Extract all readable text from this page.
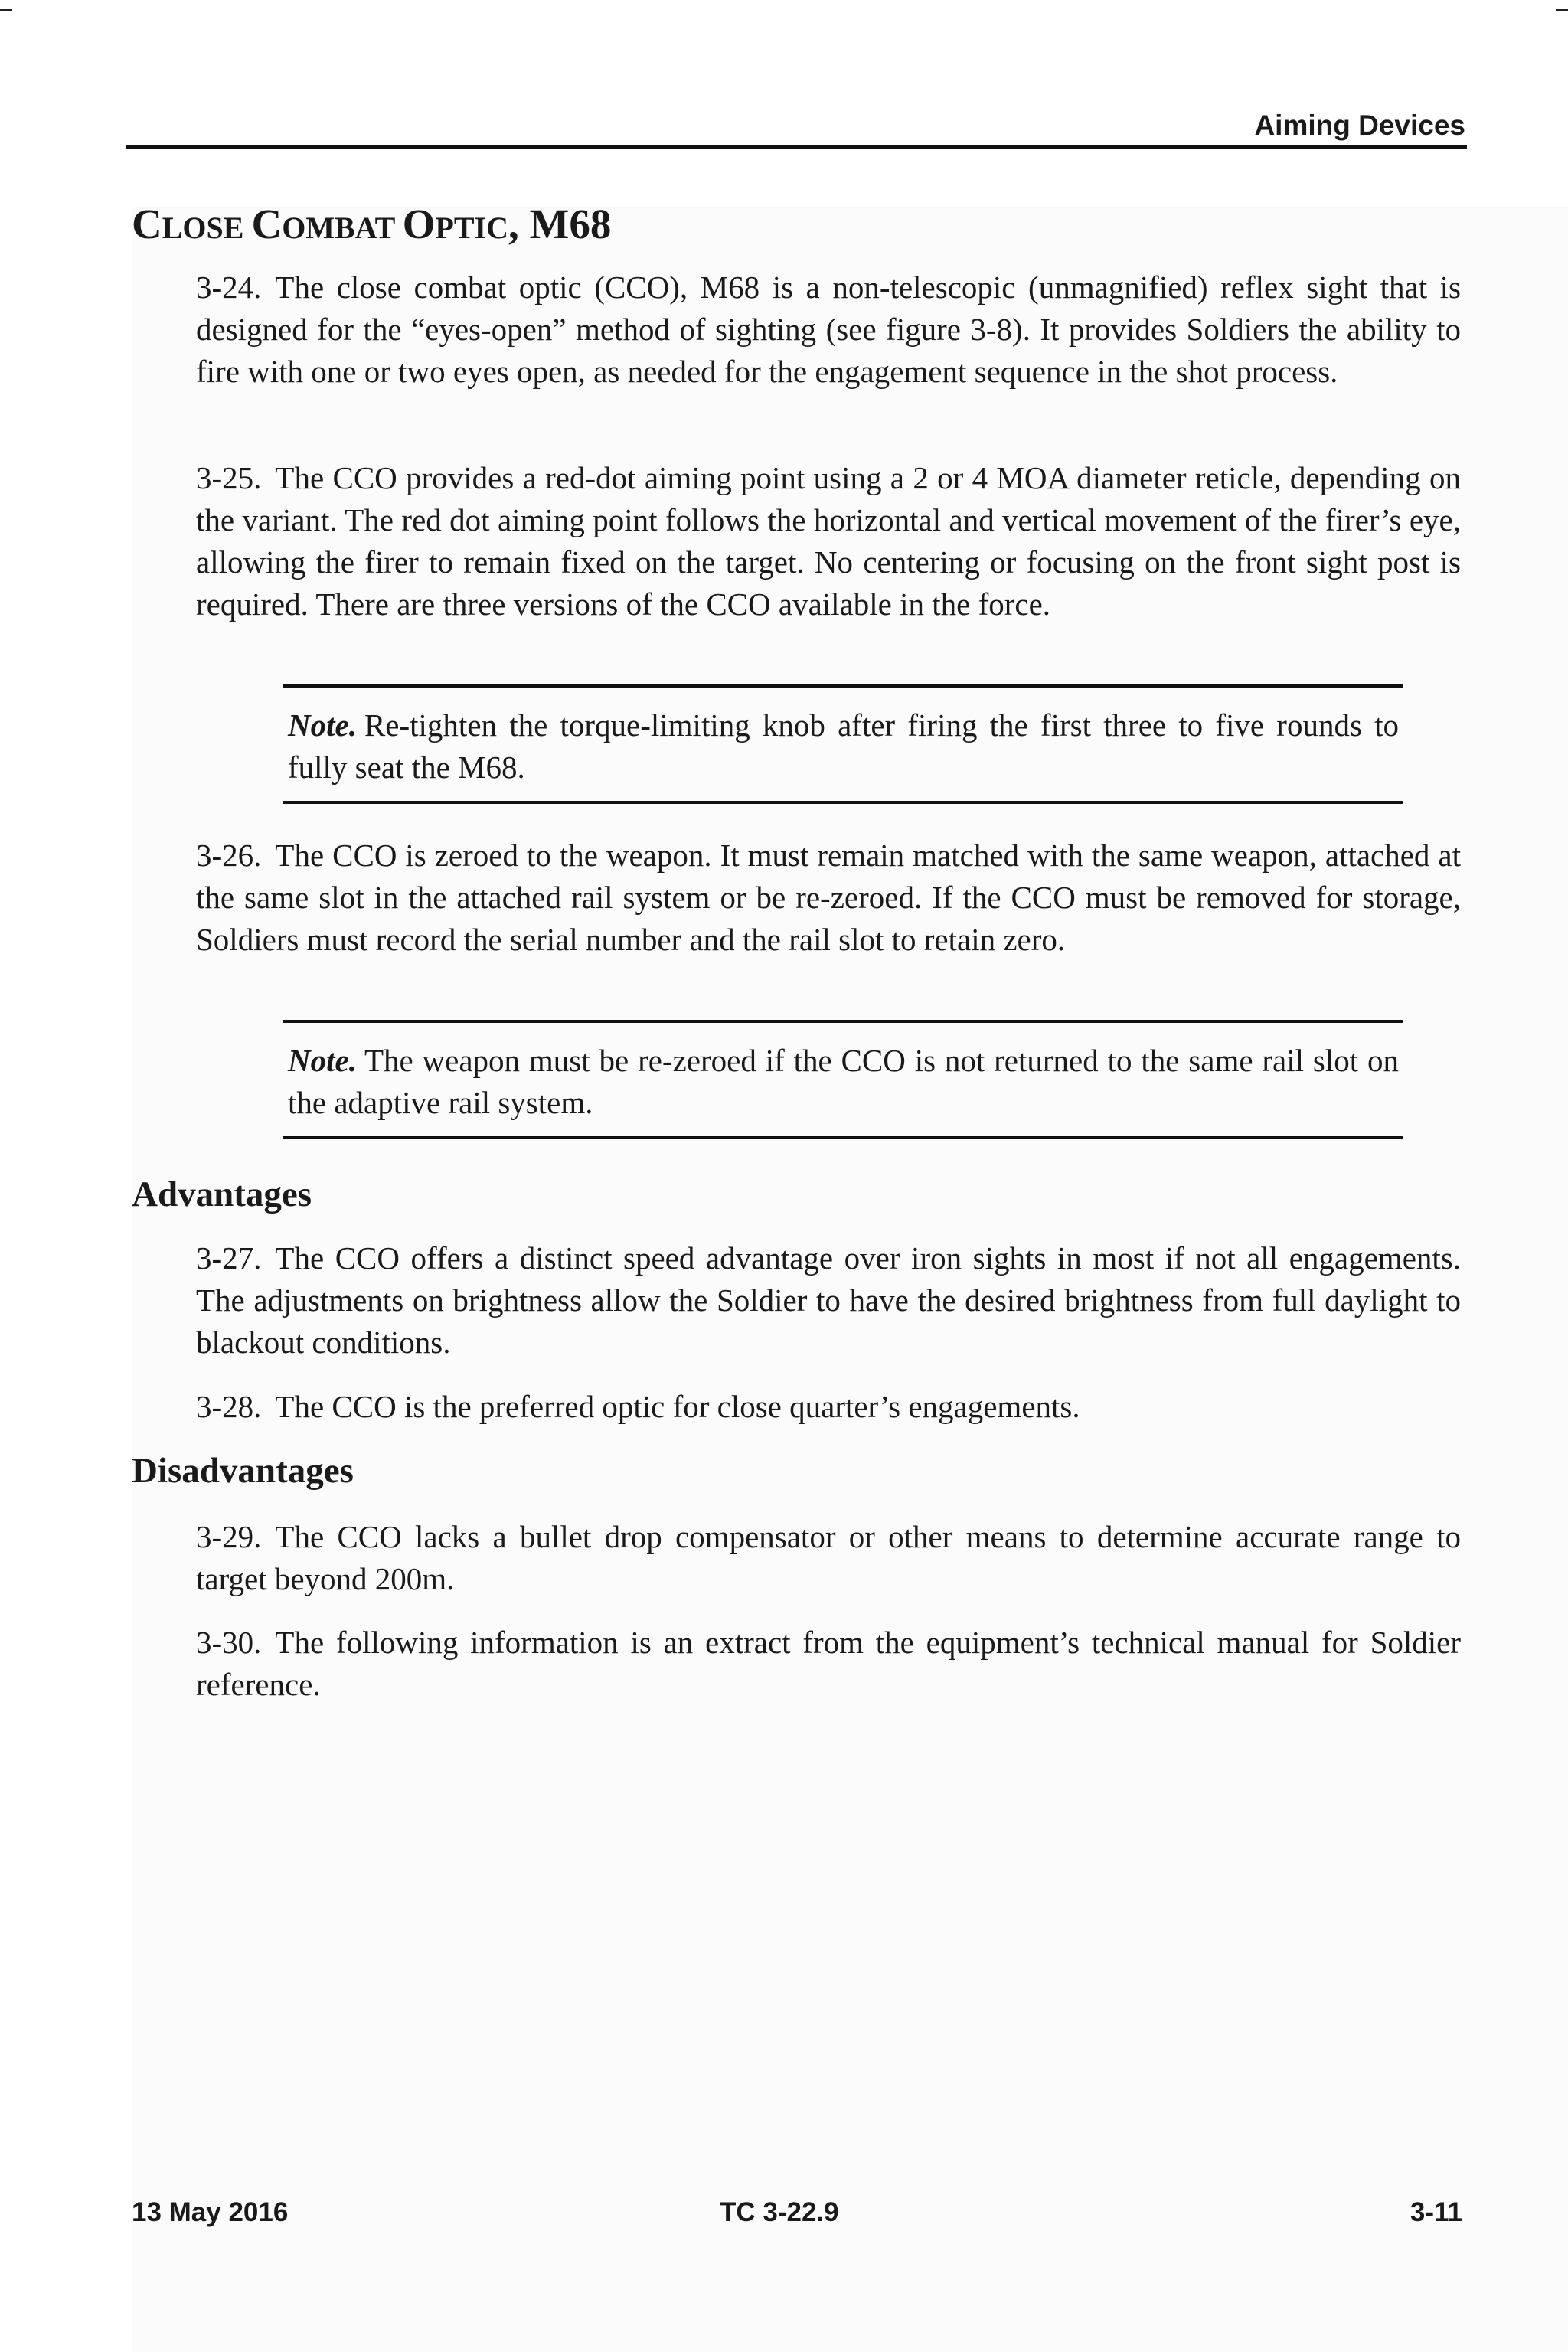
Aiming Devices
CLOSE COMBAT OPTIC, M68

3-24. The close combat optic (CCO), M68 is a non-telescopic (unmagnified) reflex sight that is designed for the “eyes-open” method of sighting (see figure 3-8). It provides Soldiers the ability to fire with one or two eyes open, as needed for the engagement sequence in the shot process.

3-25. The CCO provides a red-dot aiming point using a 2 or 4 MOA diameter reticle, depending on the variant. The red dot aiming point follows the horizontal and vertical movement of the firer’s eye, allowing the firer to remain fixed on the target. No centering or focusing on the front sight post is required. There are three versions of the CCO available in the force.

Note. Re-tighten the torque-limiting knob after firing the first three to five rounds to fully seat the M68.

3-26. The CCO is zeroed to the weapon. It must remain matched with the same weapon, attached at the same slot in the attached rail system or be re-zeroed. If the CCO must be removed for storage, Soldiers must record the serial number and the rail slot to retain zero.

Note. The weapon must be re-zeroed if the CCO is not returned to the same rail slot on the adaptive rail system.

Advantages

3-27. The CCO offers a distinct speed advantage over iron sights in most if not all engagements. The adjustments on brightness allow the Soldier to have the desired brightness from full daylight to blackout conditions.

3-28. The CCO is the preferred optic for close quarter’s engagements.

Disadvantages

3-29. The CCO lacks a bullet drop compensator or other means to determine accurate range to target beyond 200m.

3-30. The following information is an extract from the equipment’s technical manual for Soldier reference.

13 May 2016	TC 3-22.9	3-11
